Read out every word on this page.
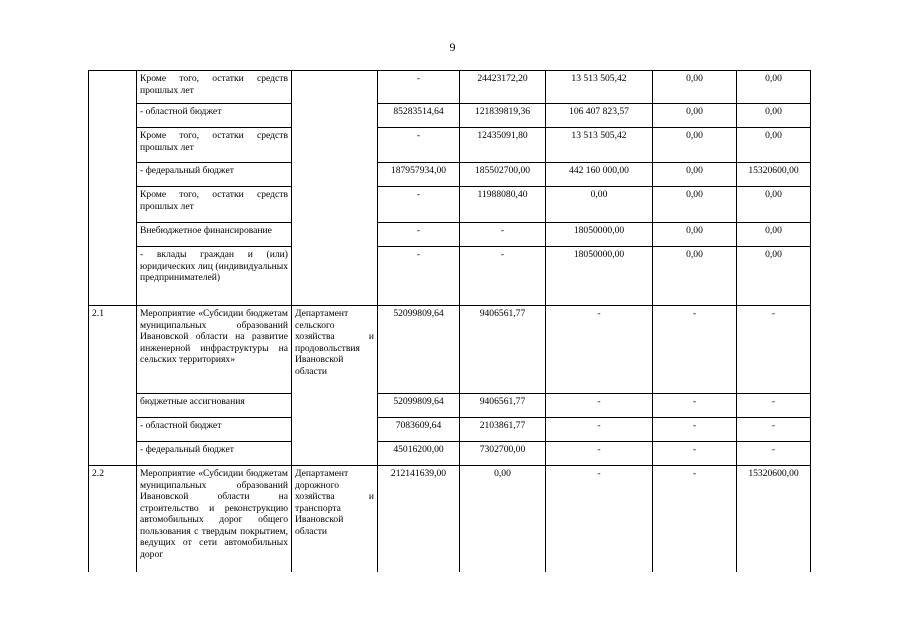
9
	Кроме того, остатки средств прошлых лет		-	24423172,20	13 513 505,42	0,00	0,00
	- областной бюджет		85283514,64	121839819,36	106 407 823,57	0,00	0,00
	Кроме того, остатки средств прошлых лет		-	12435091,80	13 513 505,42	0,00	0,00
	- федеральный бюджет		187957934,00	185502700,00	442 160 000,00	0,00	15320600,00
	Кроме того, остатки средств прошлых лет		-	11988080,40	0,00	0,00	0,00
	Внебюджетное финансирование		-	-	18050000,00	0,00	0,00
	- вклады граждан и (или) юридических лиц (индивидуальных предпринимателей)		-	-	18050000,00	0,00	0,00
2.1	Мероприятие «Субсидии бюджетам муниципальных образований Ивановской области на развитие инженерной инфраструктуры на сельских территориях»	Департамент сельского хозяйства и продовольствия Ивановской области	52099809,64	9406561,77	-	-	-
	бюджетные ассигнования		52099809,64	9406561,77	-	-	-
	- областной бюджет		7083609,64	2103861,77	-	-	-
	- федеральный бюджет		45016200,00	7302700,00	-	-	-
2.2	Мероприятие «Субсидии бюджетам муниципальных образований Ивановской области на строительство и реконструкцию автомобильных дорог общего пользования с твердым покрытием, ведущих от сети автомобильных дорог	Департамент дорожного хозяйства и транспорта Ивановской области	212141639,00	0,00	-	-	15320600,00
